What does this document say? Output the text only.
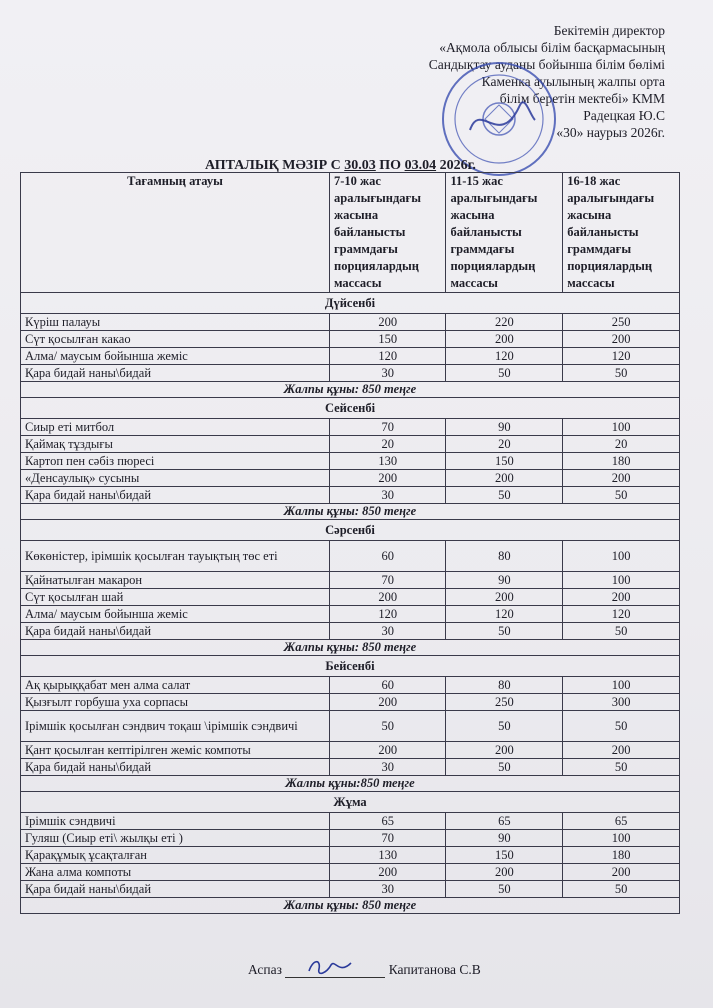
Бекітемін директор
«Ақмола облысы білім басқармасының
Сандықтау ауданы бойынша білім бөлімі
Каменка ауылының жалпы орта
білім беретін мектебі» КММ
Радецкая Ю.С
«30» наурыз 2026г.
АПТАЛЫҚ МӘЗІР С 30.03 ПО 03.04 2026г.
Тағамның атауы	7-10 жас аралығындағы жасына байланысты граммдағы порциялардың массасы	11-15 жас аралығындағы жасына байланысты граммдағы порциялардың массасы	16-18 жас аралығындағы жасына байланысты граммдағы порциялардың массасы
Дүйсенбі			
Күріш палауы	200	220	250
Сүт қосылған какао	150	200	200
Алма/ маусым бойынша жеміс	120	120	120
Қара бидай наны\бидай	30	50	50
Жалпы құны: 850 теңге			
Сейсенбі			
Сиыр еті митбол	70	90	100
Қаймақ тұздығы	20	20	20
Картоп пен сәбіз пюресі	130	150	180
«Денсаулық» сусыны	200	200	200
Қара бидай наны\бидай	30	50	50
Жалпы құны: 850 теңге			
Сәрсенбі			
Көкөністер, ірімшік қосылған тауықтың төс еті	60	80	100
Қайнатылған макарон	70	90	100
Сүт қосылған шай	200	200	200
Алма/ маусым бойынша жеміс	120	120	120
Қара бидай наны\бидай	30	50	50
Жалпы құны: 850 теңге			
Бейсенбі			
Ақ қырыққабат мен алма салат	60	80	100
Қызғылт горбуша уха сорпасы	200	250	300
Ірімшік қосылған сэндвич тоқаш \ірімшік сэндвичі	50	50	50
Қант қосылған кептірілген жеміс компоты	200	200	200
Қара бидай наны\бидай	30	50	50
Жалпы құны:850 теңге			
Жұма			
Ірімшік сэндвичі	65	65	65
Гуляш (Сиыр еті\ жылқы еті )	70	90	100
Қарақұмық ұсақталған	130	150	180
Жана алма компоты	200	200	200
Қара бидай наны\бидай	30	50	50
Жалпы құны: 850 теңге			
Аспаз	Капитанова С.В
